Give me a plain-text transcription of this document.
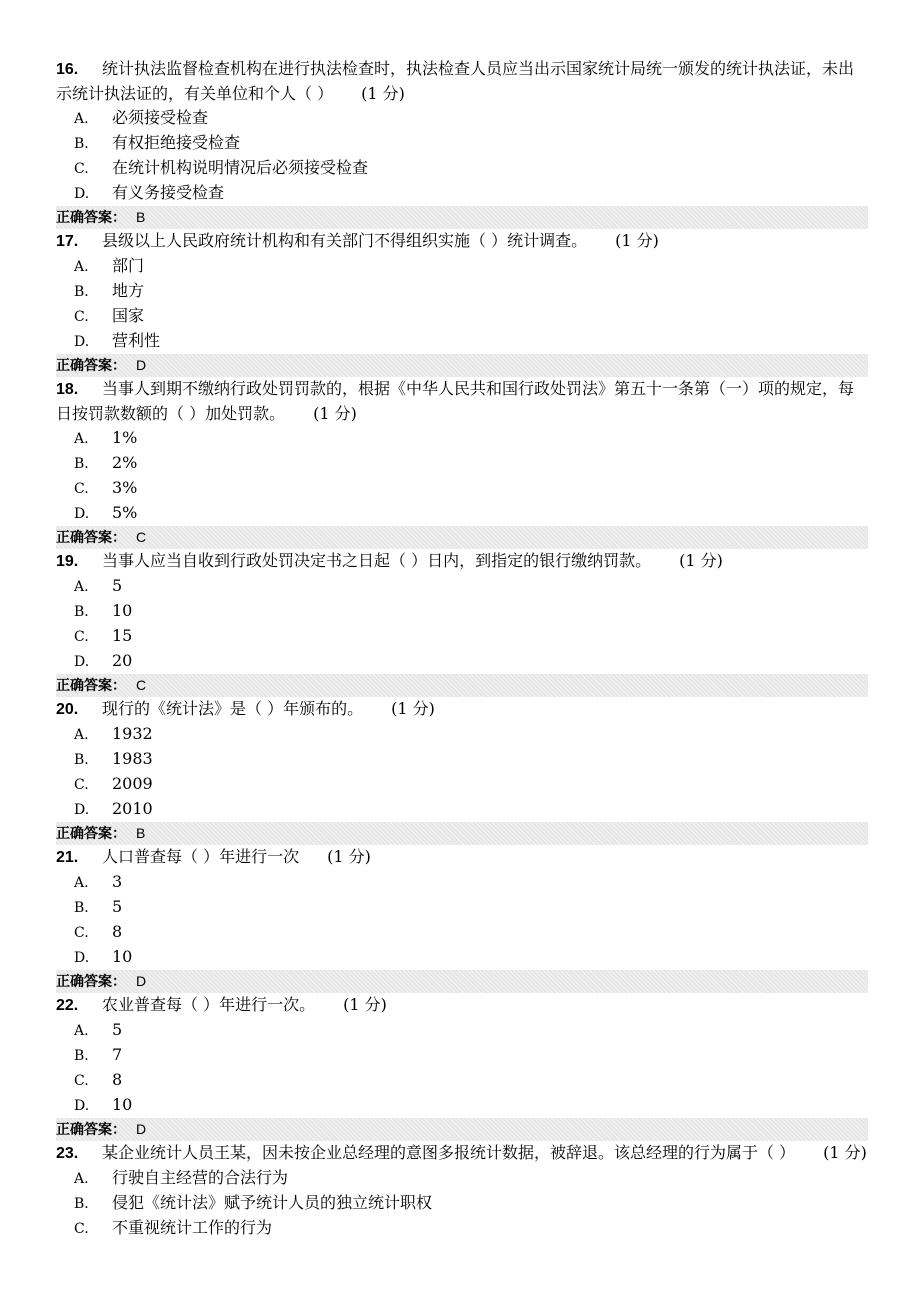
16. 统计执法监督检查机构在进行执法检查时，执法检查人员应当出示国家统计局统一颁发的统计执法证，未出示统计执法证的，有关单位和个人（ ） (1 分)

A. 必须接受检查
B. 有权拒绝接受检查
C. 在统计机构说明情况后必须接受检查
D. 有义务接受检查
正确答案： B

17. 县级以上人民政府统计机构和有关部门不得组织实施（ ）统计调查。 (1 分)

A. 部门
B. 地方
C. 国家
D. 营利性
正确答案： D

18. 当事人到期不缴纳行政处罚罚款的，根据《中华人民共和国行政处罚法》第五十一条第（一）项的规定，每日按罚款数额的（ ）加处罚款。 (1 分)

A. 1%
B. 2%
C. 3%
D. 5%
正确答案： C

19. 当事人应当自收到行政处罚决定书之日起（ ）日内，到指定的银行缴纳罚款。 (1 分)

A. 5
B. 10
C. 15
D. 20
正确答案： C

20. 现行的《统计法》是（ ）年颁布的。 (1 分)

A. 1932
B. 1983
C. 2009
D. 2010
正确答案： B

21. 人口普查每（ ）年进行一次 (1 分)

A. 3
B. 5
C. 8
D. 10
正确答案： D

22. 农业普查每（ ）年进行一次。 (1 分)

A. 5
B. 7
C. 8
D. 10
正确答案： D

23. 某企业统计人员王某，因未按企业总经理的意图多报统计数据，被辞退。该总经理的行为属于（ ） (1 分)

A. 行驶自主经营的合法行为
B. 侵犯《统计法》赋予统计人员的独立统计职权
C. 不重视统计工作的行为
